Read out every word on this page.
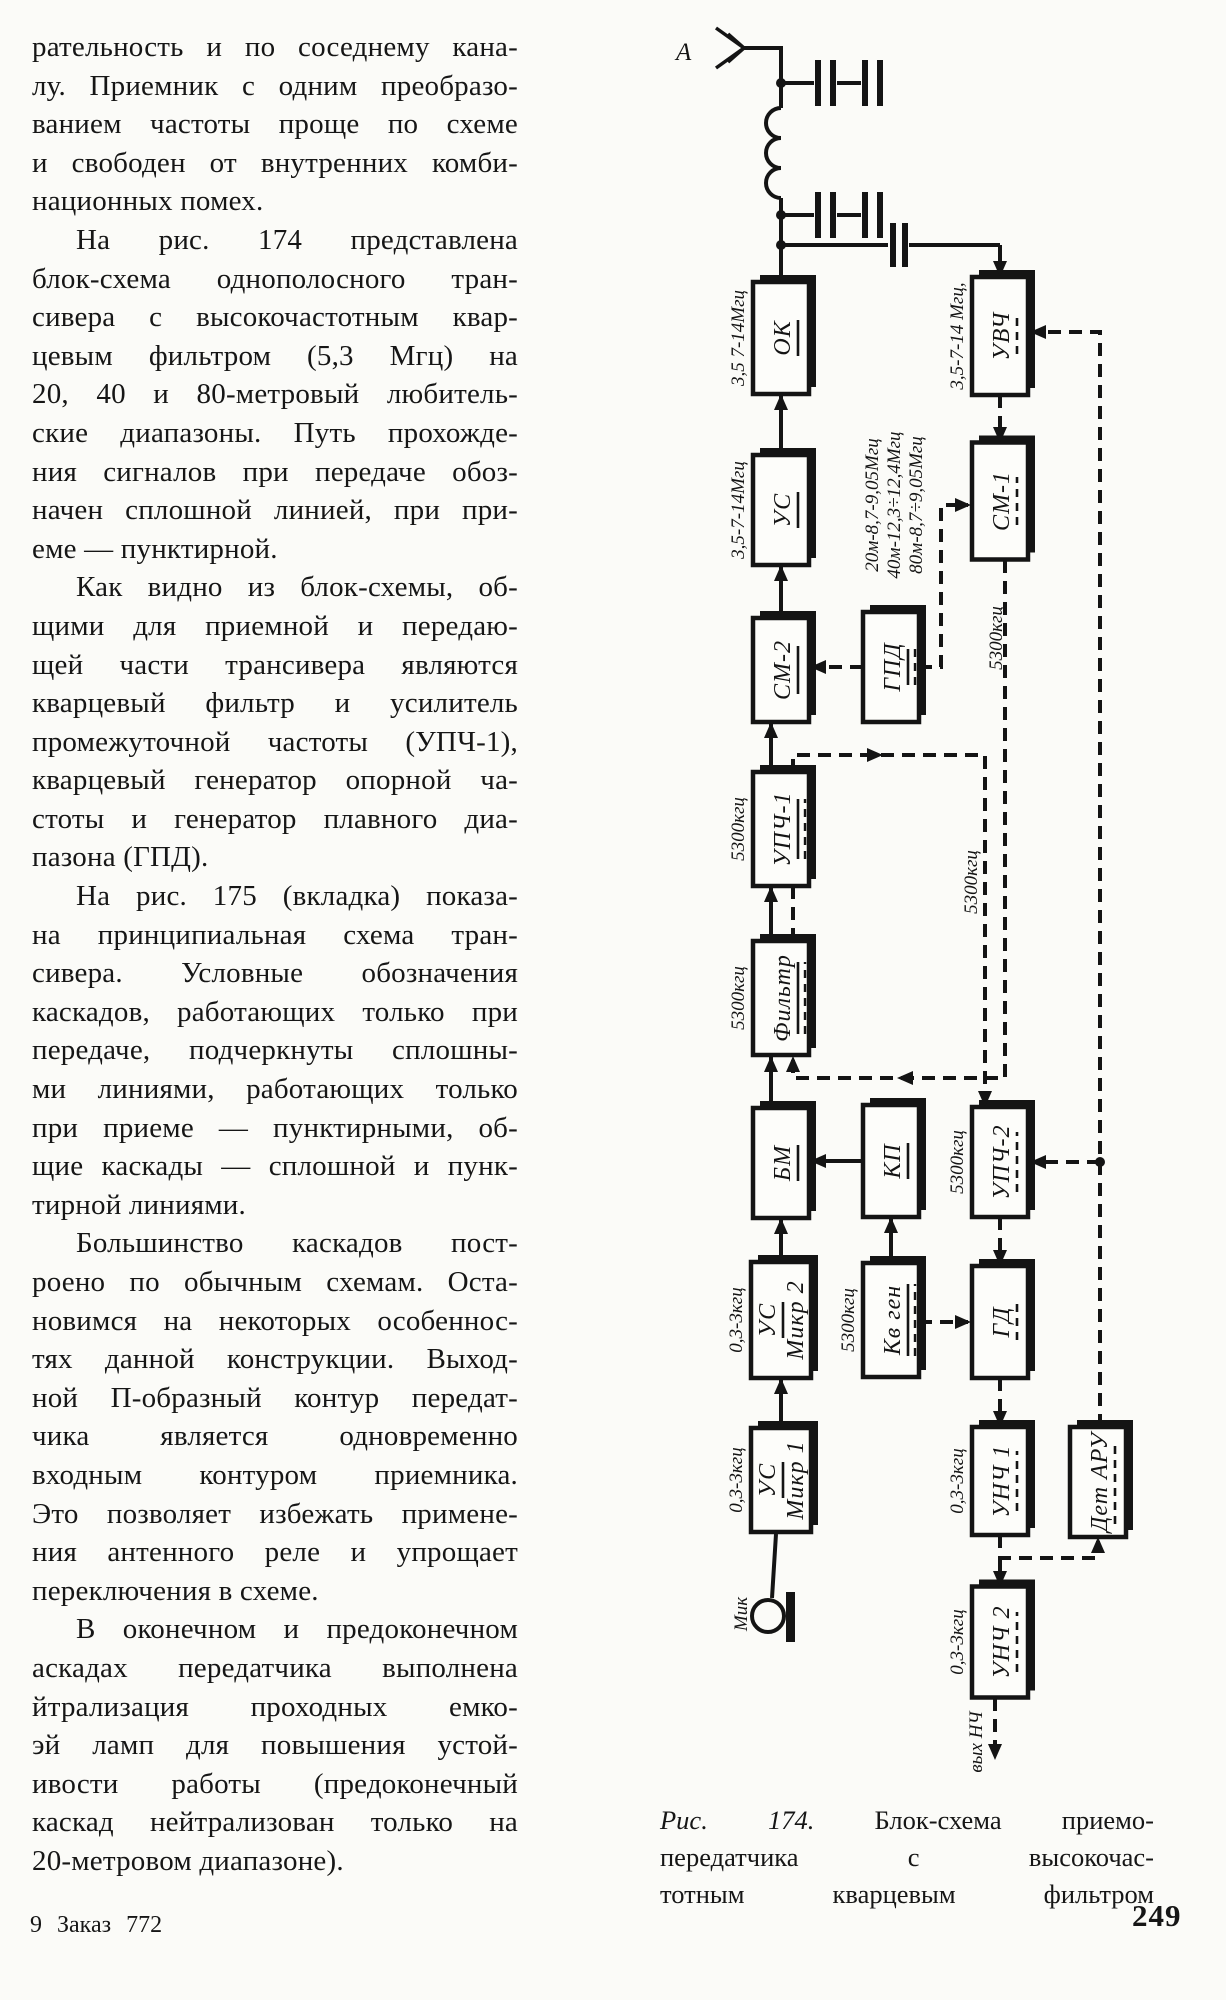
рательность и по соседнему кана-
лу. Приемник с одним преобразо-
ванием частоты проще по схеме
и свободен от внутренних комби-
национных помех.
На рис. 174 представлена
блок-схема однополосного тран-
сивера с высокочастотным квар-
цевым фильтром (5,3 Мгц) на
20, 40 и 80-метровый любитель-
ские диапазоны. Путь прохожде-
ния сигналов при передаче обоз-
начен сплошной линией, при при-
еме — пунктирной.
Как видно из блок-схемы, об-
щими для приемной и передаю-
щей части трансивера являются
кварцевый фильтр и усилитель
промежуточной частоты (УПЧ-1),
кварцевый генератор опорной ча-
стоты и генератор плавного диа-
пазона (ГПД).
На рис. 175 (вкладка) показа-
на принципиальная схема тран-
сивера. Условные обозначения
каскадов, работающих только при
передаче, подчеркнуты сплошны-
ми линиями, работающих только
при приеме — пунктирными, об-
щие каскады — сплошной и пунк-
тирной линиями.
Большинство каскадов пост-
роено по обычным схемам. Оста-
новимся на некоторых особеннос-
тях данной конструкции. Выход-
ной П-образный контур передат-
чика является одновременно
входным контуром приемника.
Это позволяет избежать примене-
ния антенного реле и упрощает
переключения в схеме.
В оконечном и предоконечном
аскадах передатчика выполнена
йтрализация проходных емко-
эй ламп для повышения устой-
ивости работы (предоконечный
каскад нейтрализован только на
20-метровом диапазоне).
ОК
3,5 7-14Мгц
УС
3,5-7-14Мгц
СМ-2
УПЧ-1
5300кгц
Фильтр
5300кгц
БМ
УС Микр 2
0,3-3кгц
УС Микр 1
0,3-3кгц
ГПД
КП
Кв ген
5300кгц
УВЧ
3,5-7-14 Мгц,
СМ-1
УПЧ-2
5300кгц
ГД
УНЧ 1
0,3-3кгц
УНЧ 2
0,3-3кгц
Дет АРУ
5300кгц
5300кгц
20м-8,7-9,05Мгц 40м-12,3÷12,4Мгц 80м-8,7÷9,05Мгц
Мик
вых НЧ
А
Рис. 174. Блок-схема приемо-
передатчика с высокочас-
тотным кварцевым фильтром
9 Заказ 772	249
